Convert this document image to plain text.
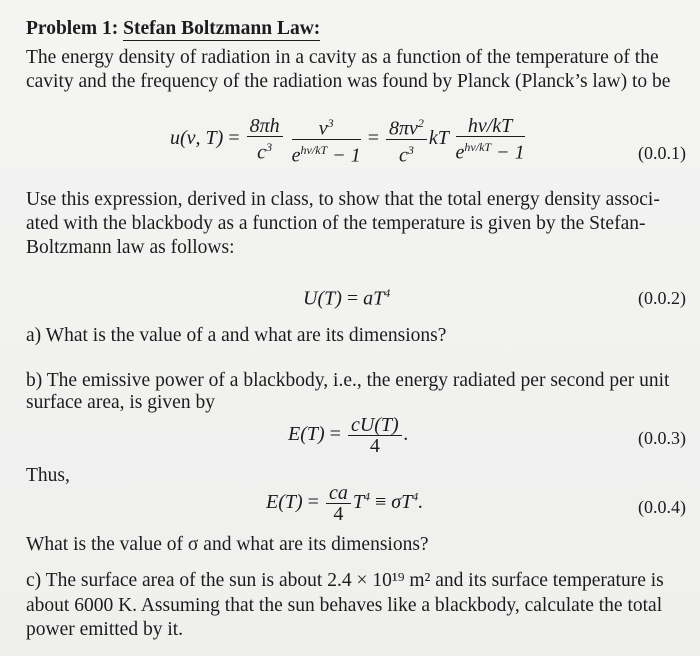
Problem 1: Stefan Boltzmann Law:
The energy density of radiation in a cavity as a function of the temperature of the
cavity and the frequency of the radiation was found by Planck (Planck’s law) to be
u(ν, $T) = \frac{8\pi h}{c^3}$
$\frac{\nu^3}{e^{h\nu/kT} - 1} = \frac{8\pi\nu^2}{c^3}$ kT $\frac{h\nu/kT}{e^{h\nu/kT} - 1}$	(0.0.1)
Use this expression, derived in class, to show that the total energy density associ-
ated with the blackbody as a function of the temperature is given by the Stefan-
Boltzmann law as follows:
$U(T) = aT^4$	(0.0.2)
a) What is the value of a and what are its dimensions?
b) The emissive power of a blackbody, i.e., the energy radiated per second per unit
surface area, is given by
$E(T) = \frac{cU(T)}{4}$ .	(0.0.3)
Thus,
$E(T) = \frac{ca}{4} T^4 \equiv \sigma T^4$.	(0.0.4)
What is the value of σ and what are its dimensions?
c) The surface area of the sun is about 2.4 × 10¹⁹ m² and its surface temperature is
about 6000 K. Assuming that the sun behaves like a blackbody, calculate the total
power emitted by it.
